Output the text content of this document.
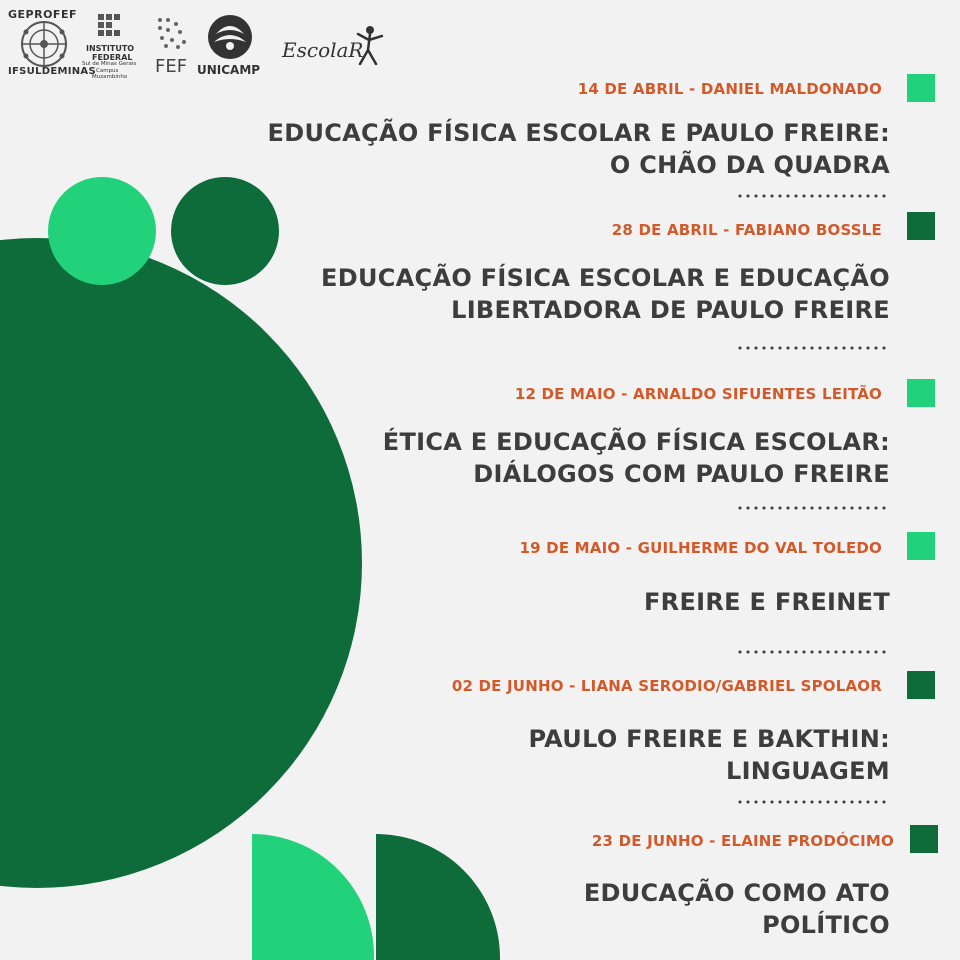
GEPROFEF
IFSULDEMINAS
INSTITUTO
FEDERAL
Sul de Minas Gerais
Campus
Muzambinho FEF UNICAMP
EscolaR
14 DE ABRIL - DANIEL MALDONADO
EDUCAÇÃO FÍSICA ESCOLAR E PAULO FREIRE:
O CHÃO DA QUADRA
28 DE ABRIL - FABIANO BOSSLE
EDUCAÇÃO FÍSICA ESCOLAR E EDUCAÇÃO
LIBERTADORA DE PAULO FREIRE
12 DE MAIO - ARNALDO SIFUENTES LEITÃO
ÉTICA E EDUCAÇÃO FÍSICA ESCOLAR:
DIÁLOGOS COM PAULO FREIRE
19 DE MAIO - GUILHERME DO VAL TOLEDO
FREIRE E FREINET
02 DE JUNHO - LIANA SERODIO/GABRIEL SPOLAOR
PAULO FREIRE E BAKTHIN:
LINGUAGEM
23 DE JUNHO - ELAINE PRODÓCIMO
EDUCAÇÃO COMO ATO
POLÍTICO
